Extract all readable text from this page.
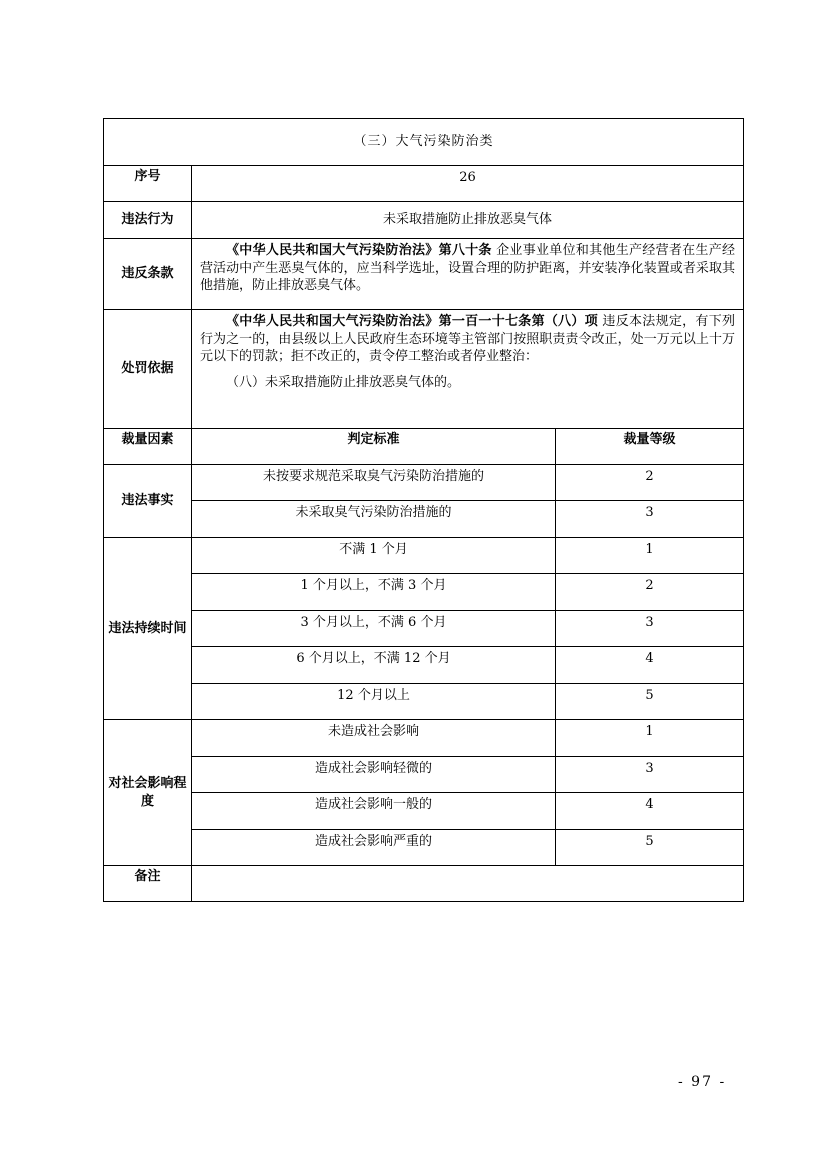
（三）大气污染防治类		
序号	26	
违法行为	未采取措施防止排放恶臭气体	
违反条款	《中华人民共和国大气污染防治法》第八十条 企业事业单位和其他生产经营者在生产经营活动中产生恶臭气体的，应当科学选址，设置合理的防护距离，并安装净化装置或者采取其他措施，防止排放恶臭气体。	

处罚依据	《中华人民共和国大气污染防治法》第一百一十七条第（八）项 违反本法规定，有下列行为之一的，由县级以上人民政府生态环境等主管部门按照职责责令改正，处一万元以上十万元以下的罚款；拒不改正的，责令停工整治或者停业整治：

（八）未采取措施防止排放恶臭气体的。	

裁量因素	判定标准	裁量等级
违法事实	未按要求规范采取臭气污染防治措施的	2
	未采取臭气污染防治措施的	3
违法持续时间	不满 1 个月	1
	1 个月以上，不满 3 个月	2
	3 个月以上，不满 6 个月	3
	6 个月以上，不满 12 个月	4
	12 个月以上	5
对社会影响程度	未造成社会影响	1
	造成社会影响轻微的	3
	造成社会影响一般的	4
	造成社会影响严重的	5
备注		
- 97 -
